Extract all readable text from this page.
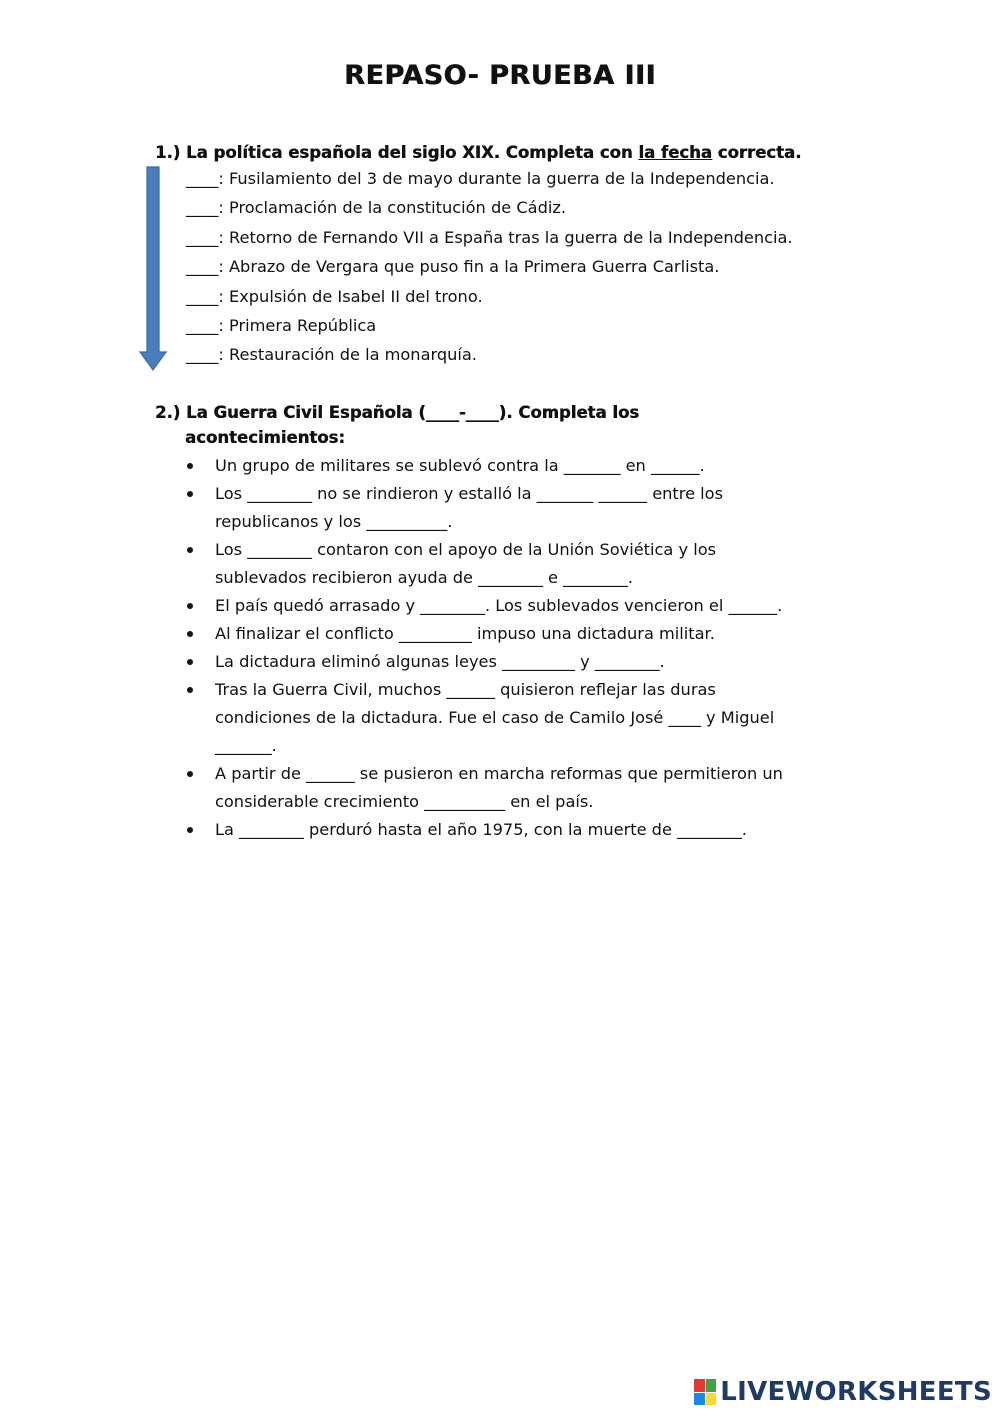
REPASO- PRUEBA III
1.) La política española del siglo XIX. Completa con la fecha correcta.
____: Fusilamiento del 3 de mayo durante la guerra de la Independencia.
____: Proclamación de la constitución de Cádiz.
____: Retorno de Fernando VII a España tras la guerra de la Independencia.
____: Abrazo de Vergara que puso fin a la Primera Guerra Carlista.
____: Expulsión de Isabel II del trono.
____: Primera República
____: Restauración de la monarquía.
2.) La Guerra Civil Española (____-____). Completa los
acontecimientos:
Un grupo de militares se sublevó contra la _______ en ______.
Los ________ no se rindieron y estalló la _______ ______ entre los
republicanos y los __________.
Los ________ contaron con el apoyo de la Unión Soviética y los
sublevados recibieron ayuda de ________ e ________.
El país quedó arrasado y ________. Los sublevados vencieron el ______.
Al finalizar el conflicto _________ impuso una dictadura militar.
La dictadura eliminó algunas leyes _________ y ________.
Tras la Guerra Civil, muchos ______ quisieron reflejar las duras
condiciones de la dictadura. Fue el caso de Camilo José ____ y Miguel
_______.
A partir de ______ se pusieron en marcha reformas que permitieron un
considerable crecimiento __________ en el país.
La ________ perduró hasta el año 1975, con la muerte de ________.
LIVEWORKSHEETS
